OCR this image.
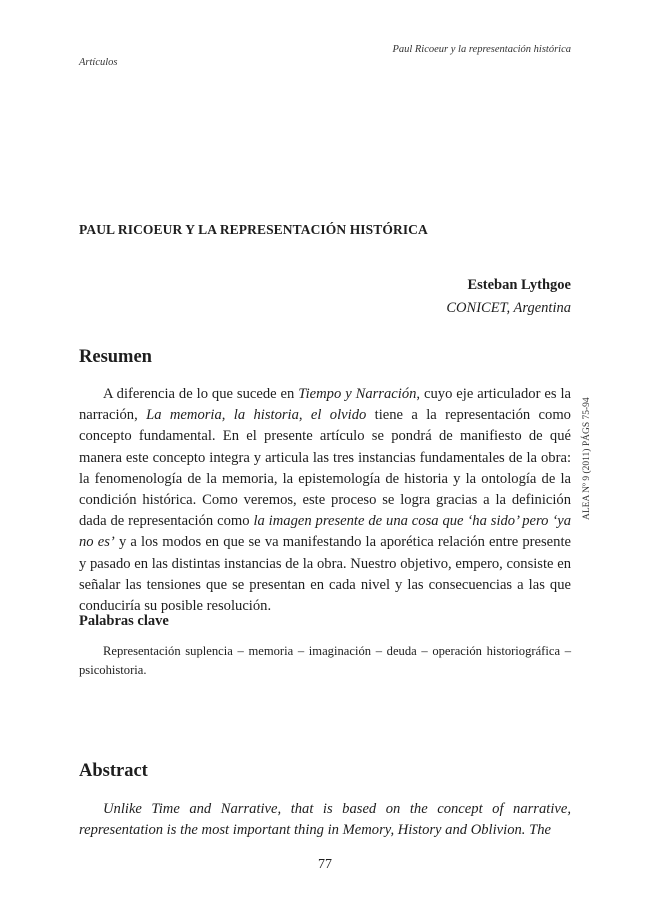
Paul Ricoeur y la representación histórica
Artículos
PAUL RICOEUR Y LA REPRESENTACIÓN HISTÓRICA
Esteban Lythgoe
CONICET, Argentina
Resumen
A diferencia de lo que sucede en Tiempo y Narración, cuyo eje articulador es la narración, La memoria, la historia, el olvido tiene a la representación como concepto fundamental. En el presente artículo se pondrá de manifiesto de qué manera este concepto integra y articula las tres instancias fundamentales de la obra: la fenomenología de la memoria, la epistemología de historia y la ontología de la condición histórica. Como veremos, este proceso se logra gracias a la definición dada de representación como la imagen presente de una cosa que ‘ha sido’ pero ‘ya no es’ y a los modos en que se va manifestando la aporética relación entre presente y pasado en las distintas instancias de la obra. Nuestro objetivo, empero, consiste en señalar las tensiones que se presentan en cada nivel y las consecuencias a las que conduciría su posible resolución.
Palabras clave
Representación suplencia – memoria – imaginación – deuda – operación historiográfica – psicohistoria.
Abstract
Unlike Time and Narrative, that is based on the concept of narrative, representation is the most important thing in Memory, History and Oblivion. The
77
ALEA Nº 9 (2011) PÁGS 75-94
